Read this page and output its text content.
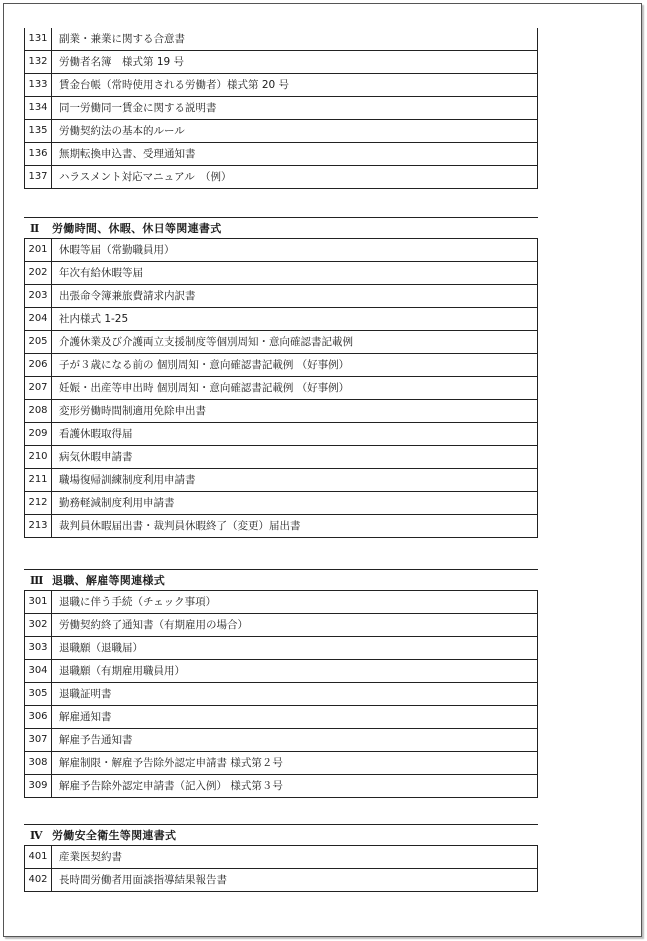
131	副業・兼業に関する合意書
132	労働者名簿　様式第 19 号
133	賃金台帳（常時使用される労働者）様式第 20 号
134	同一労働同一賃金に関する説明書
135	労働契約法の基本的ルール
136	無期転換申込書、受理通知書
137	ハラスメント対応マニュアル　（例）
Ⅱ 労働時間、休暇、休日等関連書式
201	休暇等届（常勤職員用）
202	年次有給休暇等届
203	出張命令簿兼旅費請求内訳書
204	社内様式 1-25
205	介護休業及び介護両立支援制度等個別周知・意向確認書記載例
206	子が３歳になる前の 個別周知・意向確認書記載例 （好事例）
207	妊娠・出産等申出時 個別周知・意向確認書記載例 （好事例）
208	変形労働時間制適用免除申出書
209	看護休暇取得届
210	病気休暇申請書
211	職場復帰訓練制度利用申請書
212	勤務軽減制度利用申請書
213	裁判員休暇届出書・裁判員休暇終了（変更）届出書
Ⅲ 退職、解雇等関連様式
301	退職に伴う手続（チェック事項）
302	労働契約終了通知書（有期雇用の場合）
303	退職願（退職届）
304	退職願（有期雇用職員用）
305	退職証明書
306	解雇通知書
307	解雇予告通知書
308	解雇制限・解雇予告除外認定申請書 様式第２号
309	解雇予告除外認定申請書（記入例） 様式第３号
Ⅳ 労働安全衛生等関連書式
401	産業医契約書
402	長時間労働者用面談指導結果報告書
